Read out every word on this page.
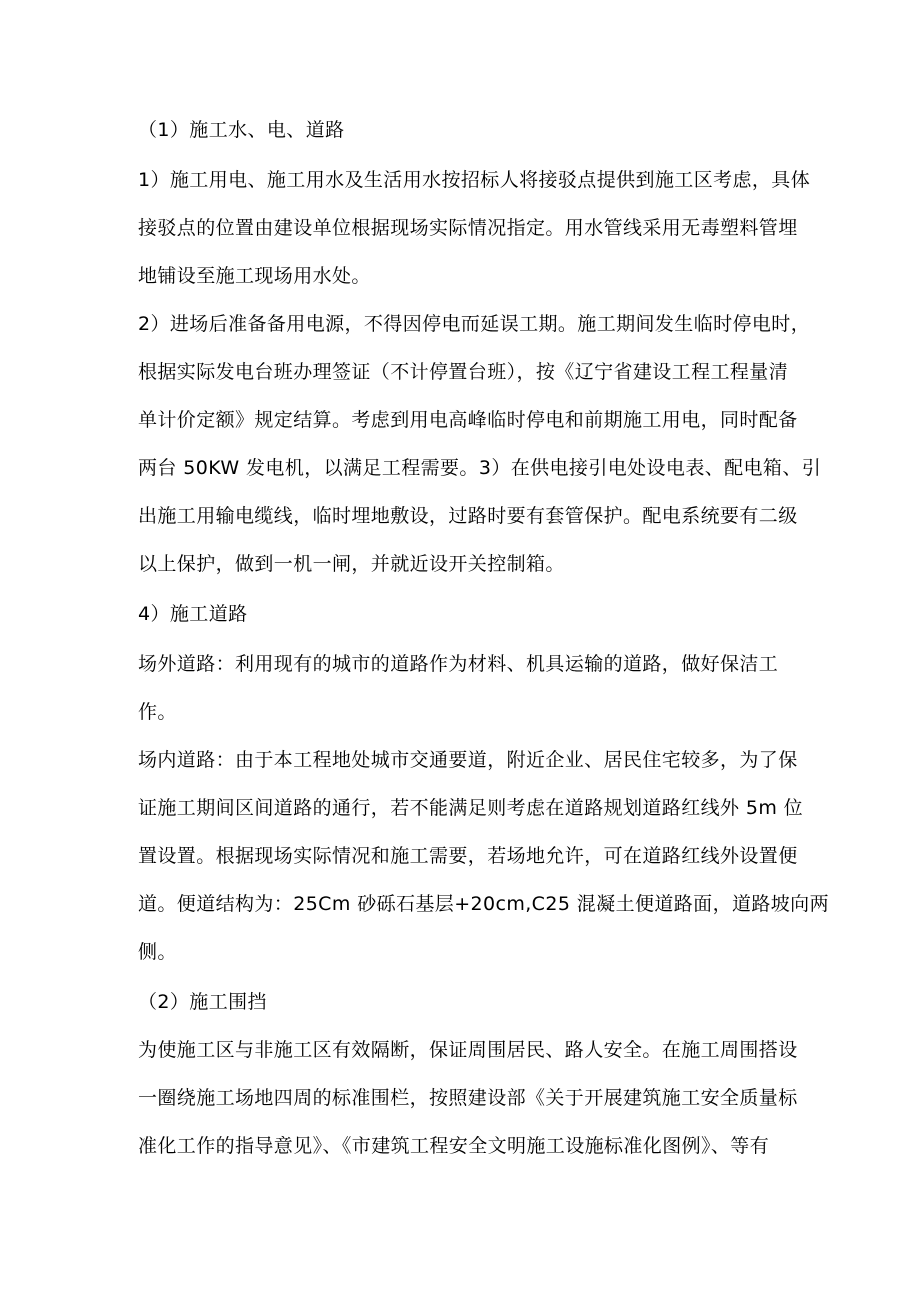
（1）施工水、电、道路
1）施工用电、施工用水及生活用水按招标人将接驳点提供到施工区考虑，具体
接驳点的位置由建设单位根据现场实际情况指定。用水管线采用无毒塑料管埋
地铺设至施工现场用水处。
2）进场后准备备用电源，不得因停电而延误工期。施工期间发生临时停电时，
根据实际发电台班办理签证（不计停置台班），按《辽宁省建设工程工程量清
单计价定额》规定结算。考虑到用电高峰临时停电和前期施工用电，同时配备
两台 50KW 发电机，以满足工程需要。3）在供电接引电处设电表、配电箱、引
出施工用输电缆线，临时埋地敷设，过路时要有套管保护。配电系统要有二级
以上保护，做到一机一闸，并就近设开关控制箱。
4）施工道路
场外道路：利用现有的城市的道路作为材料、机具运输的道路，做好保洁工
作。
场内道路：由于本工程地处城市交通要道，附近企业、居民住宅较多，为了保
证施工期间区间道路的通行，若不能满足则考虑在道路规划道路红线外 5m 位
置设置。根据现场实际情况和施工需要，若场地允许，可在道路红线外设置便
道。便道结构为：25Cm 砂砾石基层+20cm,C25 混凝土便道路面，道路坡向两
侧。
（2）施工围挡
为使施工区与非施工区有效隔断，保证周围居民、路人安全。在施工周围搭设
一圈绕施工场地四周的标准围栏，按照建设部《关于开展建筑施工安全质量标
准化工作的指导意见》、《市建筑工程安全文明施工设施标准化图例》、等有
